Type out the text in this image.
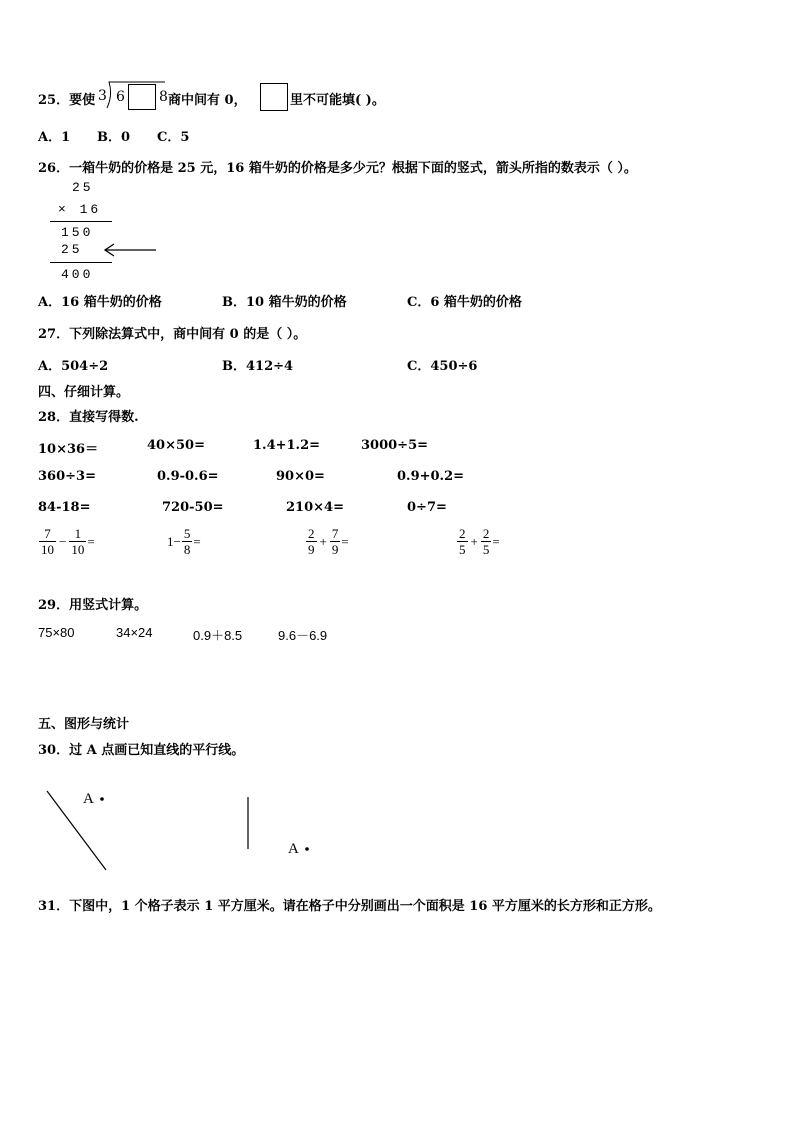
25．要使 3 6 8 商中间有 0，	里不可能填( )。
A．1 B．0 C．5
26．一箱牛奶的价格是 25 元，16 箱牛奶的价格是多少元？根据下面的竖式，箭头所指的数表示（ ）。
25
× 16
150
25
400
A．16 箱牛奶的价格	B．10 箱牛奶的价格	C．6 箱牛奶的价格
27．下列除法算式中，商中间有 0 的是（ ）。
A．504÷2	B．412÷4	C．450÷6
四、仔细计算。
28．直接写得数.
10×36＝	40×50=	1.4+1.2=	3000÷5=
360÷3=	0.9-0.6=	90×0=	0.9+0.2=
84-18=	720-50=	210×4=	0÷7=
$\frac{7}{10} - \frac{1}{10}$ =	$1- \frac{5}{8}$ =	$\frac{2}{9} + \frac{7}{9}$ =	$\frac{2}{5} + \frac{2}{5}$ =
29．用竖式计算。
75×80	34×24	0.9＋8.5	9.6－6.9
五、图形与统计
30．过 A 点画已知直线的平行线。
A
A
31．下图中，1 个格子表示 1 平方厘米。请在格子中分别画出一个面积是 16 平方厘米的长方形和正方形。
